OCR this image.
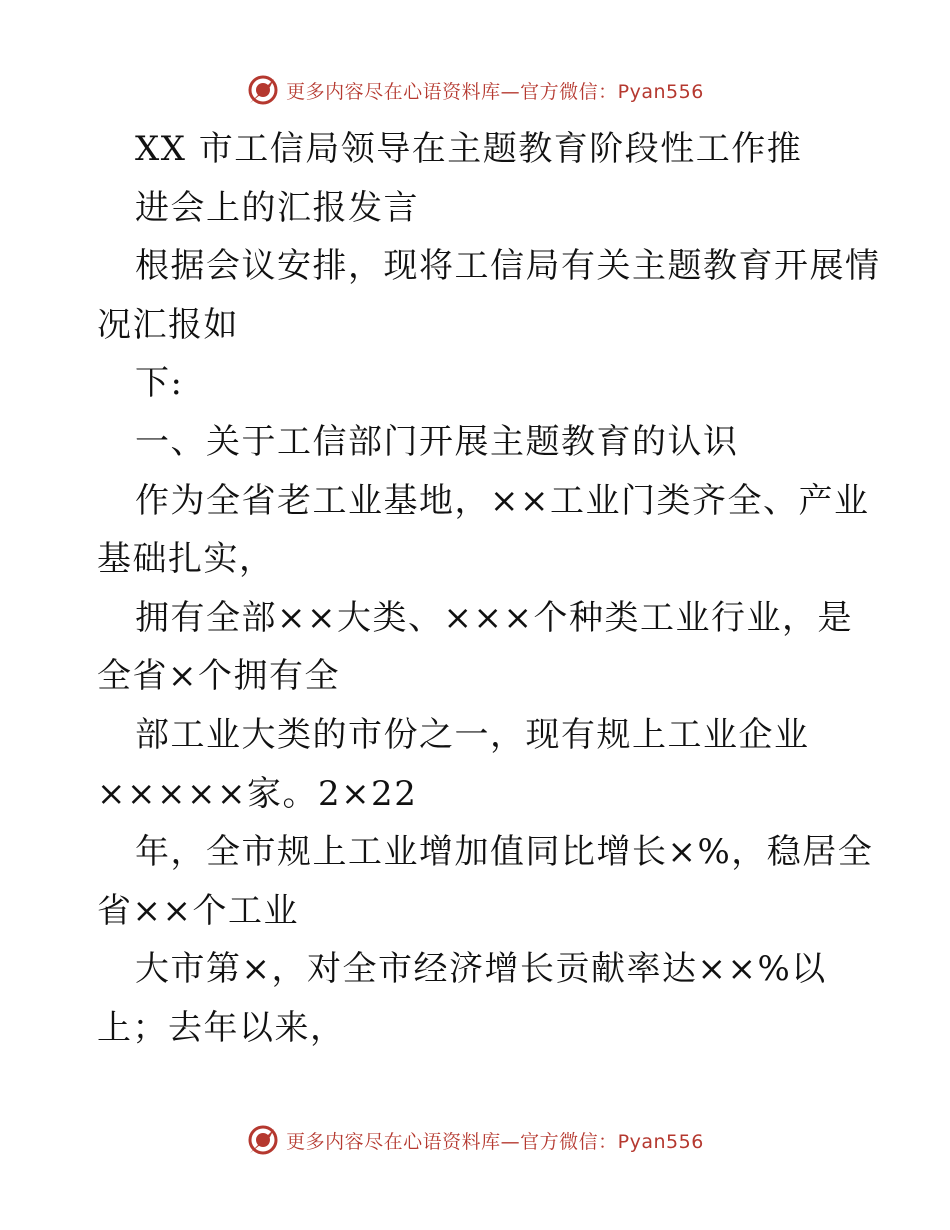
更多内容尽在心语资料库—官方微信：Pyan556
XX 市工信局领导在主题教育阶段性工作推
进会上的汇报发言
根据会议安排，现将工信局有关主题教育开展情
况汇报如
下:
一、关于工信部门开展主题教育的认识
作为全省老工业基地，××工业门类齐全、产业
基础扎实，
拥有全部××大类、×××个种类工业行业，是
全省×个拥有全
部工业大类的市份之一，现有规上工业企业
×××××家。2×22
年，全市规上工业增加值同比增长×%，稳居全
省××个工业
大市第×，对全市经济增长贡献率达××%以
上；去年以来，
更多内容尽在心语资料库—官方微信：Pyan556
